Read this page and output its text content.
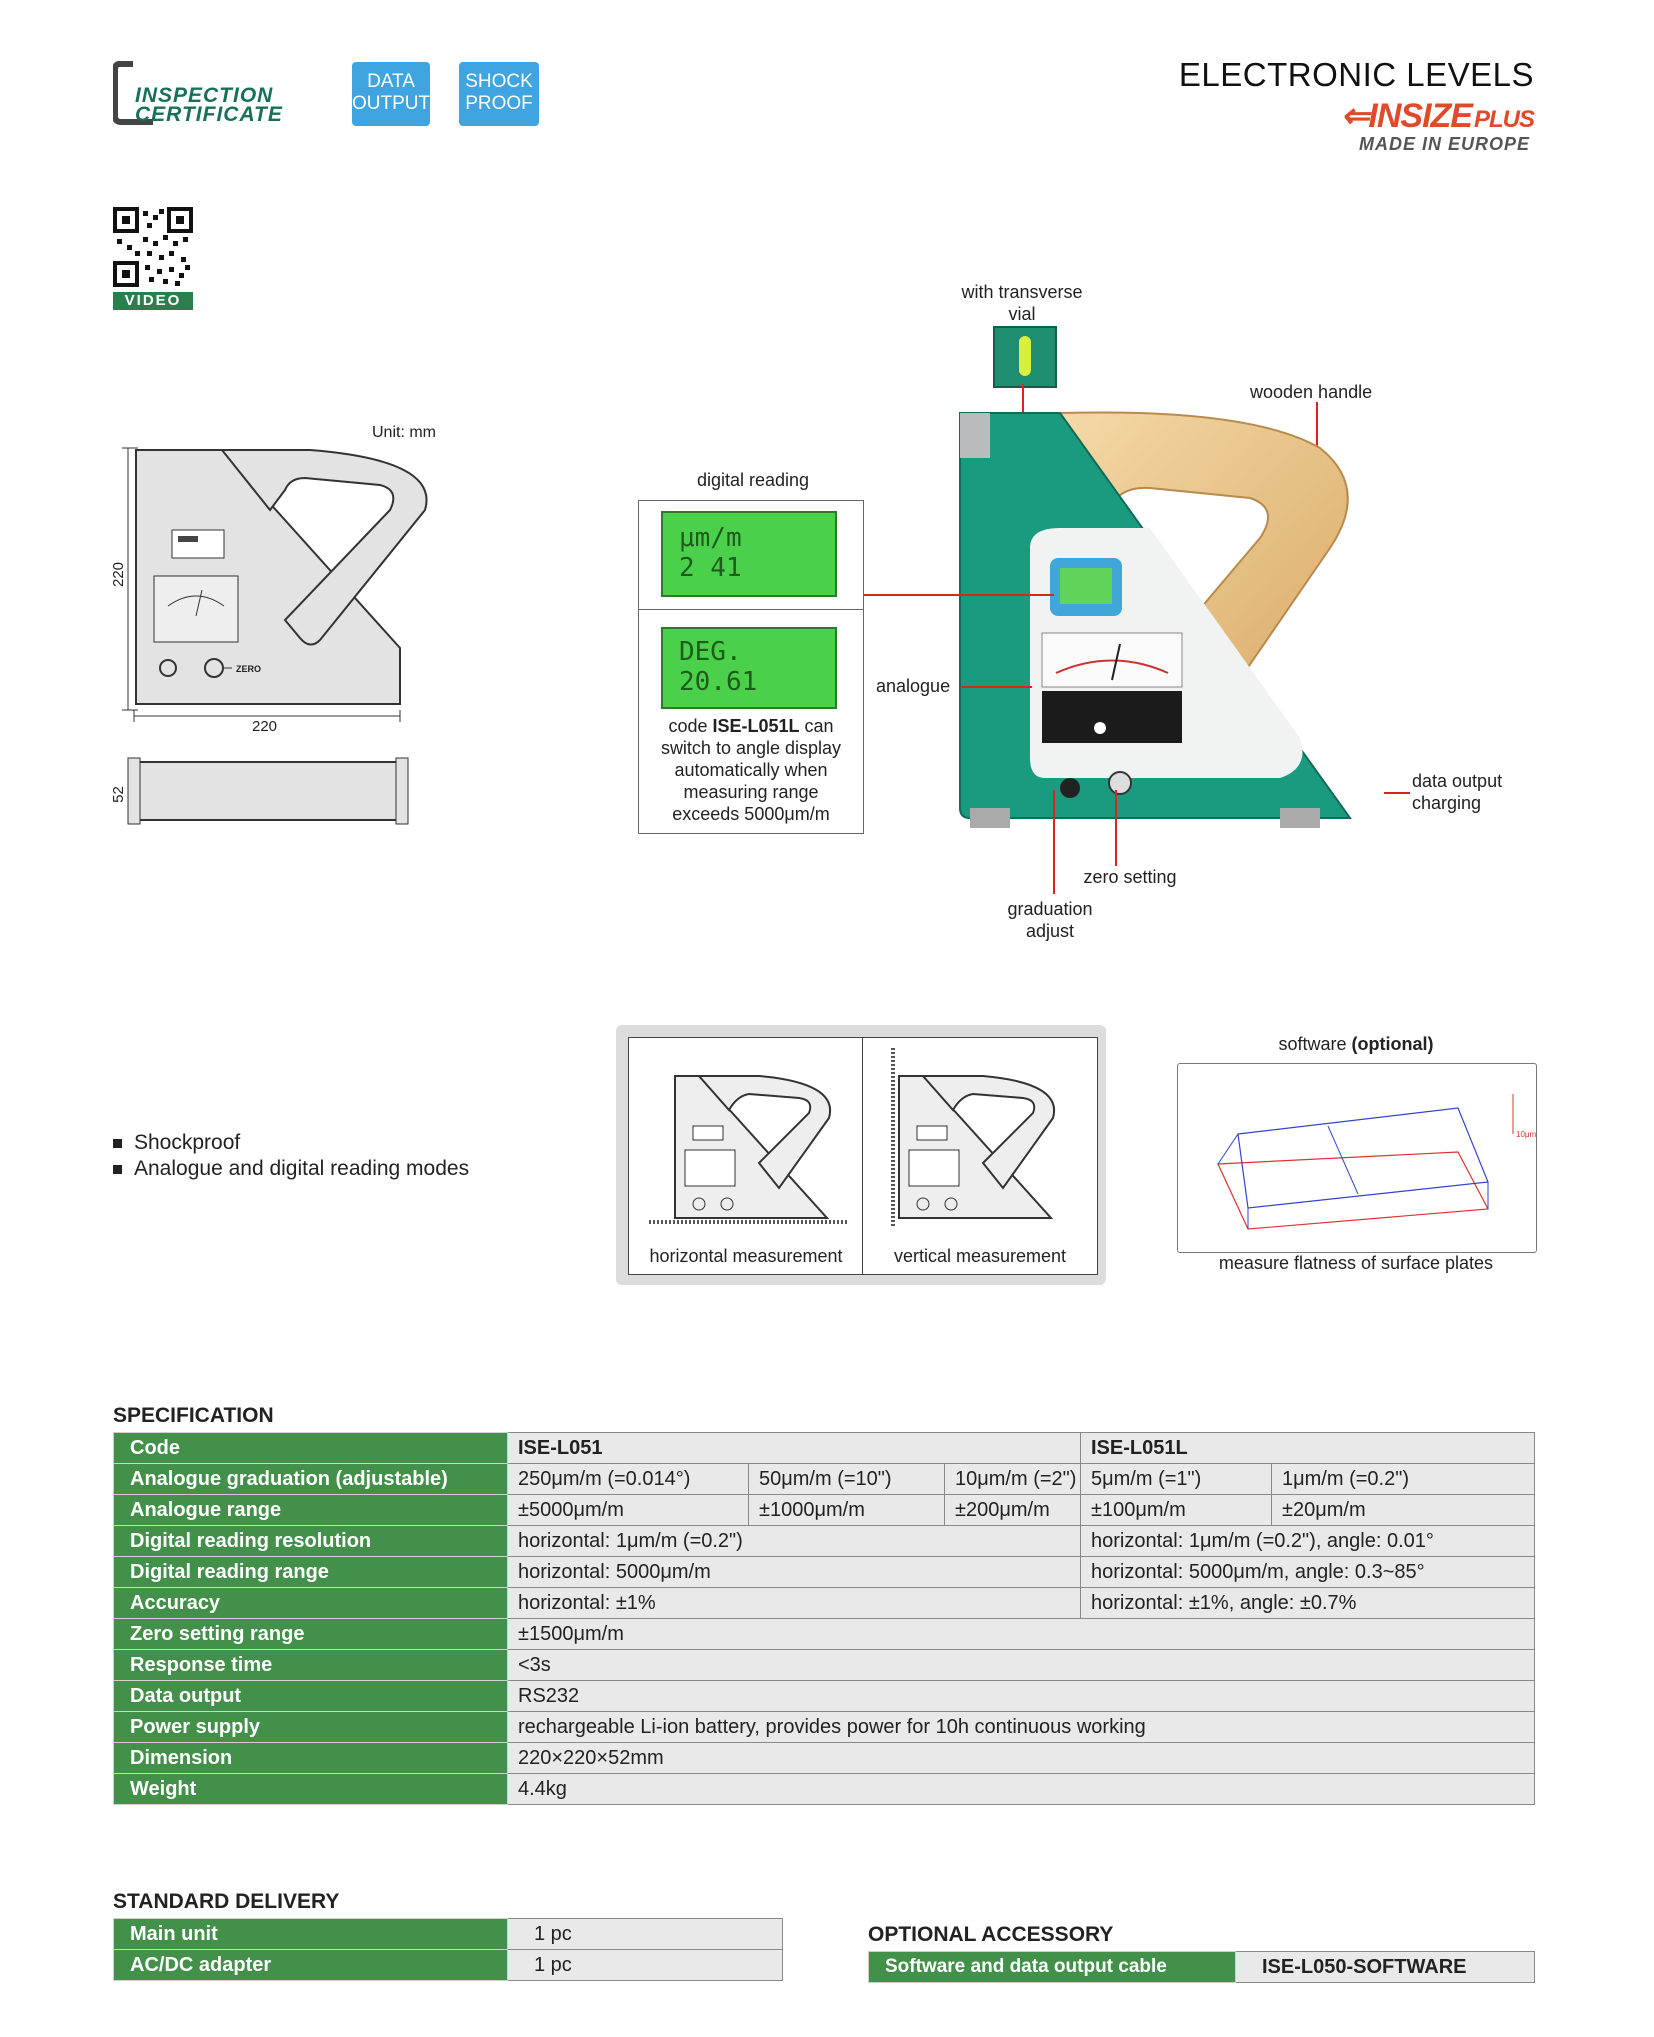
INSPECTION
CERTIFICATE
DATA
OUTPUT
SHOCK
PROOF
ELECTRONIC LEVELS
⇐INSIZEPLUS
MADE IN EUROPE
VIDEO
Unit: mm
ZERO
220
220
52
with transverse vial
wooden handle
digital reading
μm/m
2 41
DEG.
20.61
code ISE-L051L can
switch to angle display
automatically when
measuring range
exceeds 5000μm/m
analogue
data output
charging
zero setting
graduation
adjust
Shockproof
Analogue and digital reading modes
horizontal measurement	vertical measurement
software (optional)
10μm
measure flatness of surface plates
SPECIFICATION
Code	ISE-L051			ISE-L051L	
Analogue graduation (adjustable)	250μm/m (=0.014°)	50μm/m (=10")	10μm/m (=2")	5μm/m (=1")	1μm/m (=0.2")
Analogue range	±5000μm/m	±1000μm/m	±200μm/m	±100μm/m	±20μm/m
Digital reading resolution	horizontal: 1μm/m (=0.2")			horizontal: 1μm/m (=0.2"), angle: 0.01°	
Digital reading range	horizontal: 5000μm/m			horizontal: 5000μm/m, angle: 0.3~85°	
Accuracy	horizontal: ±1%			horizontal: ±1%, angle: ±0.7%	
Zero setting range	±1500μm/m				
Response time	<3s				
Data output	RS232				
Power supply	rechargeable Li-ion battery, provides power for 10h continuous working				
Dimension	220×220×52mm				
Weight	4.4kg				
STANDARD DELIVERY
Main unit	1 pc
AC/DC adapter	1 pc
OPTIONAL ACCESSORY
Software and data output cable	ISE-L050-SOFTWARE
